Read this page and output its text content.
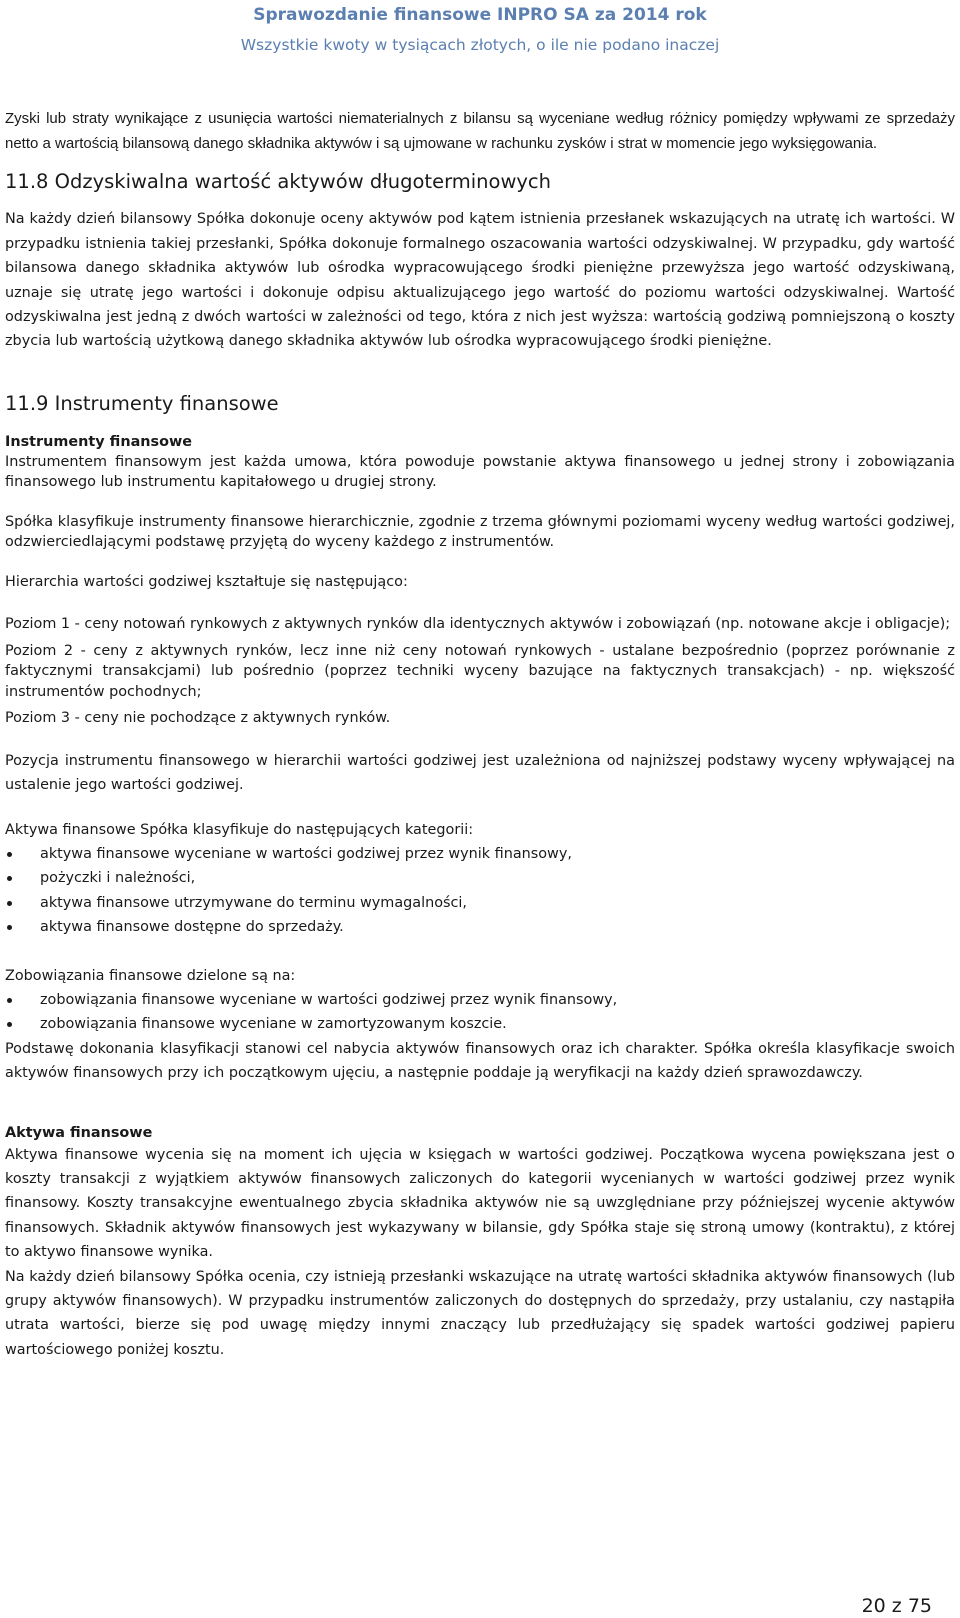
Sprawozdanie finansowe INPRO SA za 2014 rok
Wszystkie kwoty w tysiącach złotych, o ile nie podano inaczej

Zyski lub straty wynikające z usunięcia wartości niematerialnych z bilansu są wyceniane według różnicy pomiędzy wpływami ze sprzedaży netto a wartością bilansową danego składnika aktywów i są ujmowane w rachunku zysków i strat w momencie jego wyksięgowania.

11.8 Odzyskiwalna wartość aktywów długoterminowych

Na każdy dzień bilansowy Spółka dokonuje oceny aktywów pod kątem istnienia przesłanek wskazujących na utratę ich wartości. W przypadku istnienia takiej przesłanki, Spółka dokonuje formalnego oszacowania wartości odzyskiwalnej. W przypadku, gdy wartość bilansowa danego składnika aktywów lub ośrodka wypracowującego środki pieniężne przewyższa jego wartość odzyskiwaną, uznaje się utratę jego wartości i dokonuje odpisu aktualizującego jego wartość do poziomu wartości odzyskiwalnej. Wartość odzyskiwalna jest jedną z dwóch wartości w zależności od tego, która z nich jest wyższa: wartością godziwą pomniejszoną o koszty zbycia lub wartością użytkową danego składnika aktywów lub ośrodka wypracowującego środki pieniężne.

11.9 Instrumenty finansowe
Instrumenty finansowe

Instrumentem finansowym jest każda umowa, która powoduje powstanie aktywa finansowego u jednej strony i zobowiązania finansowego lub instrumentu kapitałowego u drugiej strony.

Spółka klasyfikuje instrumenty finansowe hierarchicznie, zgodnie z trzema głównymi poziomami wyceny według wartości godziwej, odzwierciedlającymi podstawę przyjętą do wyceny każdego z instrumentów.

Hierarchia wartości godziwej kształtuje się następująco:

Poziom 1 - ceny notowań rynkowych z aktywnych rynków dla identycznych aktywów i zobowiązań (np. notowane akcje i obligacje);

Poziom 2 - ceny z aktywnych rynków, lecz inne niż ceny notowań rynkowych - ustalane bezpośrednio (poprzez porównanie z faktycznymi transakcjami) lub pośrednio (poprzez techniki wyceny bazujące na faktycznych transakcjach) - np. większość instrumentów pochodnych;

Poziom 3 - ceny nie pochodzące z aktywnych rynków.

Pozycja instrumentu finansowego w hierarchii wartości godziwej jest uzależniona od najniższej podstawy wyceny wpływającej na ustalenie jego wartości godziwej.

Aktywa finansowe Spółka klasyfikuje do następujących kategorii:

aktywa finansowe wyceniane w wartości godziwej przez wynik finansowy,
pożyczki i należności,
aktywa finansowe utrzymywane do terminu wymagalności,
aktywa finansowe dostępne do sprzedaży.

Zobowiązania finansowe dzielone są na:

zobowiązania finansowe wyceniane w wartości godziwej przez wynik finansowy,
zobowiązania finansowe wyceniane w zamortyzowanym koszcie.

Podstawę dokonania klasyfikacji stanowi cel nabycia aktywów finansowych oraz ich charakter. Spółka określa klasyfikacje swoich aktywów finansowych przy ich początkowym ujęciu, a następnie poddaje ją weryfikacji na każdy dzień sprawozdawczy.

Aktywa finansowe

Aktywa finansowe wycenia się na moment ich ujęcia w księgach w wartości godziwej. Początkowa wycena powiększana jest o koszty transakcji z wyjątkiem aktywów finansowych zaliczonych do kategorii wycenianych w wartości godziwej przez wynik finansowy. Koszty transakcyjne ewentualnego zbycia składnika aktywów nie są uwzględniane przy późniejszej wycenie aktywów finansowych. Składnik aktywów finansowych jest wykazywany w bilansie, gdy Spółka staje się stroną umowy (kontraktu), z której to aktywo finansowe wynika.

Na każdy dzień bilansowy Spółka ocenia, czy istnieją przesłanki wskazujące na utratę wartości składnika aktywów finansowych (lub grupy aktywów finansowych). W przypadku instrumentów zaliczonych do dostępnych do sprzedaży, przy ustalaniu, czy nastąpiła utrata wartości, bierze się pod uwagę między innymi znaczący lub przedłużający się spadek wartości godziwej papieru wartościowego poniżej kosztu.

20 z 75
